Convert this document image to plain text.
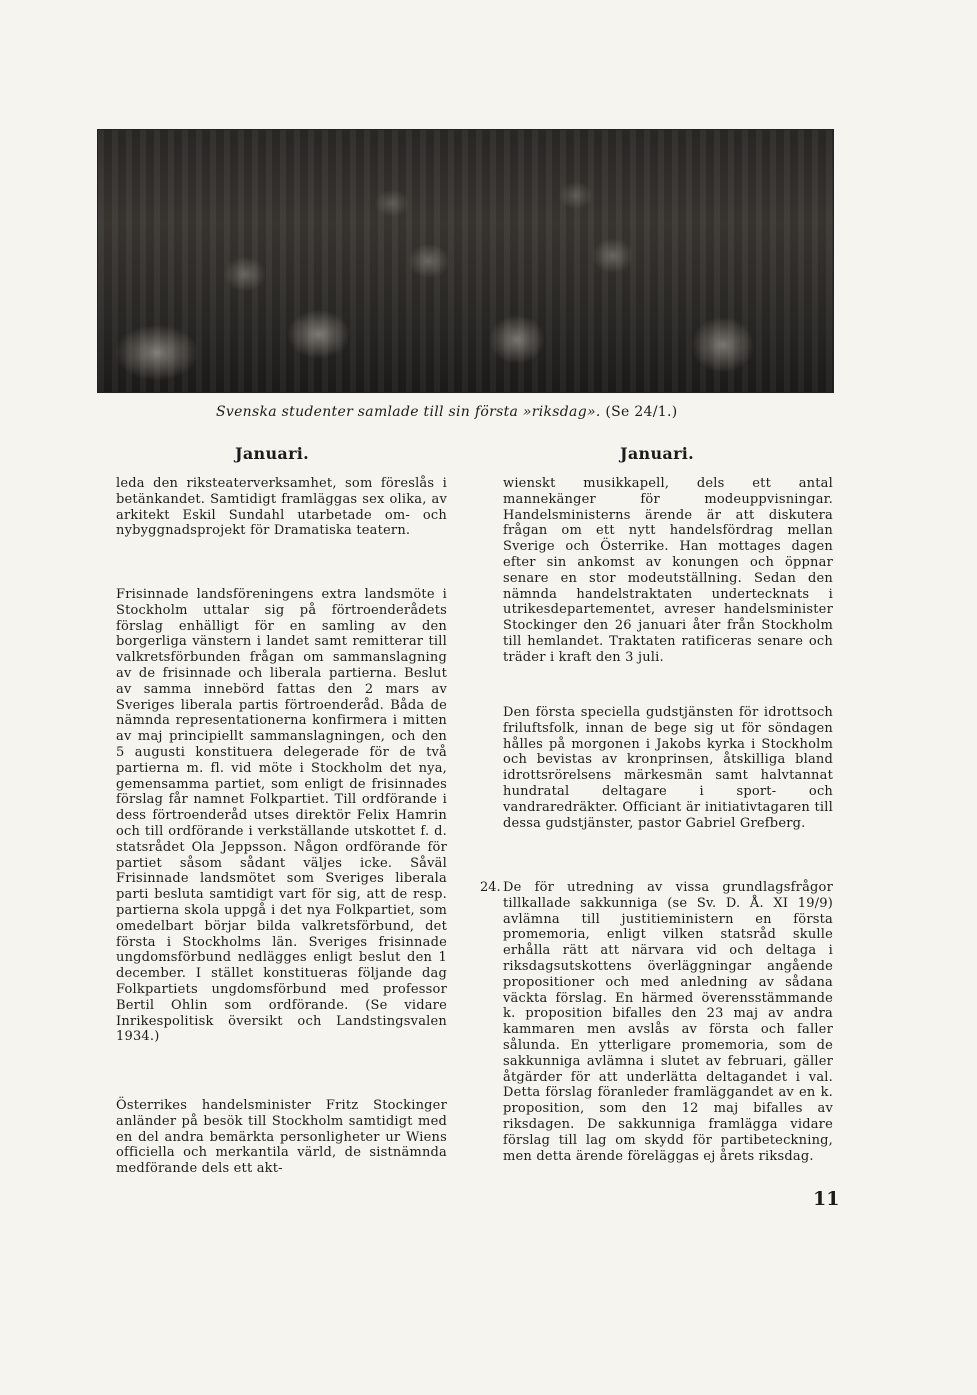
Svenska studenter samlade till sin första »riksdag». (Se 24/1.)
Januari.	Januari.

leda den riksteaterverksamhet, som föreslås i betänkandet. Samtidigt framläggas sex olika, av arkitekt Eskil Sundahl utarbetade om- och nybyggnadsprojekt för Dramatiska teatern.

Frisinnade landsföreningens extra landsmöte i Stockholm uttalar sig på förtroenderådets förslag enhälligt för en samling av den borgerliga vänstern i landet samt remitterar till valkretsförbunden frågan om sammanslagning av de frisinnade och liberala partierna. Beslut av samma innebörd fattas den 2 mars av Sveriges liberala partis förtroenderåd. Båda de nämnda representationerna konfirmera i mitten av maj principiellt sammanslagningen, och den 5 augusti konstituera delegerade för de två partierna m. fl. vid möte i Stockholm det nya, gemensamma partiet, som enligt de frisinnades förslag får namnet Folkpartiet. Till ordförande i dess förtroenderåd utses direktör Felix Hamrin och till ordförande i verkställande utskottet f. d. statsrådet Ola Jeppsson. Någon ordförande för partiet såsom sådant väljes icke. Såväl Frisinnade landsmötet som Sveriges liberala parti besluta samtidigt vart för sig, att de resp. partierna skola uppgå i det nya Folkpartiet, som omedelbart börjar bilda valkretsförbund, det första i Stockholms län. Sveriges frisinnade ungdomsförbund nedlägges enligt beslut den 1 december. I stället konstitueras följande dag Folkpartiets ungdomsförbund med professor Bertil Ohlin som ordförande. (Se vidare Inrikespolitisk översikt och Landstingsvalen 1934.)

Österrikes handelsminister Fritz Stockinger anländer på besök till Stockholm samtidigt med en del andra bemärkta personligheter ur Wiens officiella och merkantila värld, de sistnämnda medförande dels ett akt-

wienskt musikkapell, dels ett antal mannekänger för modeuppvisningar. Handelsministerns ärende är att diskutera frågan om ett nytt handelsfördrag mellan Sverige och Österrike. Han mottages dagen efter sin ankomst av konungen och öppnar senare en stor modeutställning. Sedan den nämnda handelstraktaten undertecknats i utrikesdepartementet, avreser handelsminister Stockinger den 26 januari åter från Stockholm till hemlandet. Traktaten ratificeras senare och träder i kraft den 3 juli.

Den första speciella gudstjänsten för idrottsoch friluftsfolk, innan de bege sig ut för söndagen hålles på morgonen i Jakobs kyrka i Stockholm och bevistas av kronprinsen, åtskilliga bland idrottsrörelsens märkesmän samt halvtannat hundratal deltagare i sport- och vandraredräkter. Officiant är initiativtagaren till dessa gudstjänster, pastor Gabriel Grefberg.

De för utredning av vissa grundlagsfrågor tillkallade sakkunniga (se Sv. D. Å. XI 19/9) avlämna till justitieministern en första promemoria, enligt vilken statsråd skulle erhålla rätt att närvara vid och deltaga i riksdagsutskottens överläggningar angående propositioner och med anledning av sådana väckta förslag. En härmed överensstämmande k. proposition bifalles den 23 maj av andra kammaren men avslås av första och faller sålunda. En ytterligare promemoria, som de sakkunniga avlämna i slutet av februari, gäller åtgärder för att underlätta deltagandet i val. Detta förslag föranleder framläggandet av en k. proposition, som den 12 maj bifalles av riksdagen. De sakkunniga framlägga vidare förslag till lag om skydd för partibeteckning, men detta ärende föreläggas ej årets riksdag.

24.
11
